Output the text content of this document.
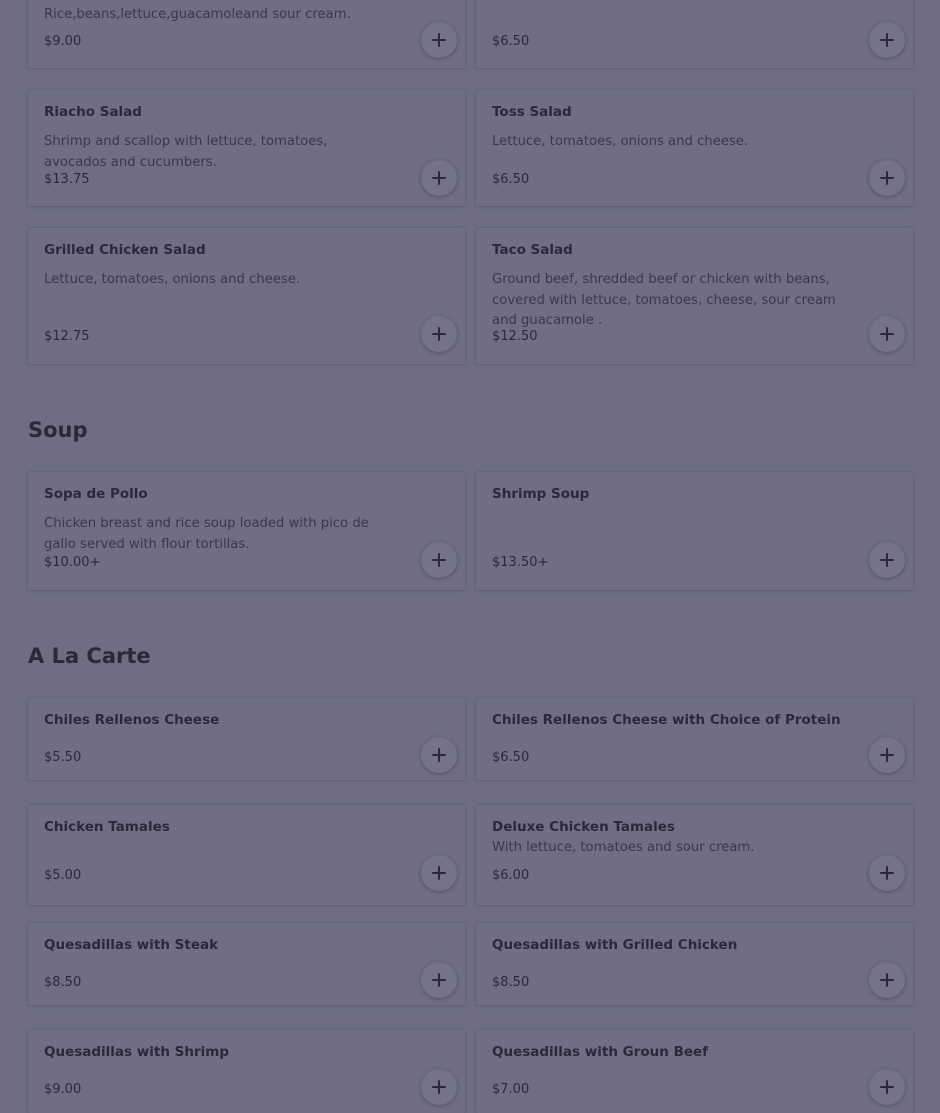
Rice,beans,lettuce,guacamoleand sour cream.
$9.00	$6.50
Riacho Salad
Shrimp and scallop with lettuce, tomatoes, avocados and cucumbers.
$13.75
Toss Salad
Lettuce, tomatoes, onions and cheese.
$6.50
Grilled Chicken Salad
Lettuce, tomatoes, onions and cheese.
$12.75
Taco Salad
Ground beef, shredded beef or chicken with beans, covered with lettuce, tomatoes, cheese, sour cream and guacamole .
$12.50
Soup
Sopa de Pollo
Chicken breast and rice soup loaded with pico de gallo served with flour tortillas.
$10.00+
Shrimp Soup
$13.50+
A La Carte
Chiles Rellenos Cheese
$5.50
Chiles Rellenos Cheese with Choice of Protein
$6.50
Chicken Tamales
$5.00
Deluxe Chicken Tamales
With lettuce, tomatoes and sour cream.
$6.00
Quesadillas with Steak
$8.50
Quesadillas with Grilled Chicken
$8.50
Quesadillas with Shrimp
$9.00
Quesadillas with Groun Beef
$7.00
